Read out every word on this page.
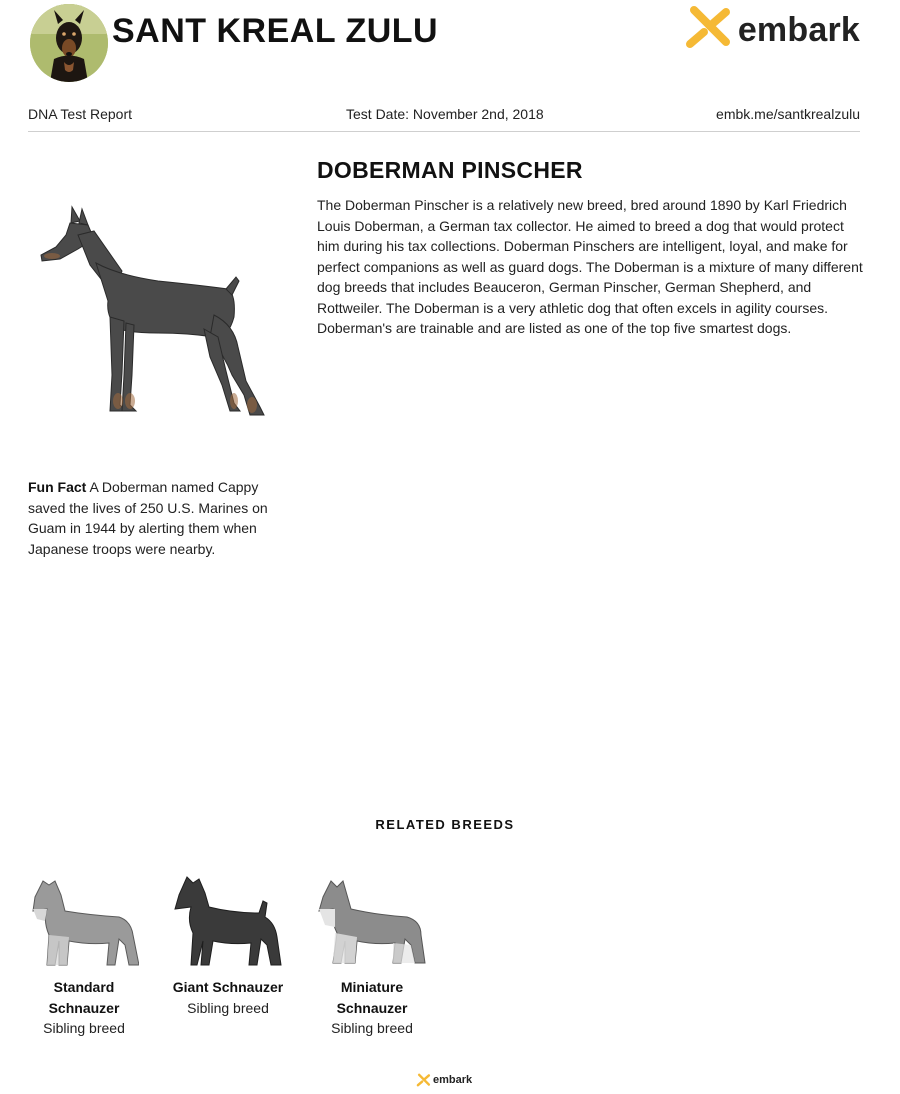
SANT KREAL ZULU	embark
DNA Test Report	Test Date: November 2nd, 2018	embk.me/santkrealzulu
Fun Fact A Doberman named Cappy saved the lives of 250 U.S. Marines on Guam in 1944 by alerting them when Japanese troops were nearby.
DOBERMAN PINSCHER
The Doberman Pinscher is a relatively new breed, bred around 1890 by Karl Friedrich Louis Doberman, a German tax collector. He aimed to breed a dog that would protect him during his tax collections. Doberman Pinschers are intelligent, loyal, and make for perfect companions as well as guard dogs. The Doberman is a mixture of many different dog breeds that includes Beauceron, German Pinscher, German Shepherd, and Rottweiler. The Doberman is a very athletic dog that often excels in agility courses. Doberman's are trainable and are listed as one of the top five smartest dogs.
RELATED BREEDS
Standard Schnauzer
Sibling breed
Giant Schnauzer
Sibling breed
Miniature Schnauzer
Sibling breed
embark
